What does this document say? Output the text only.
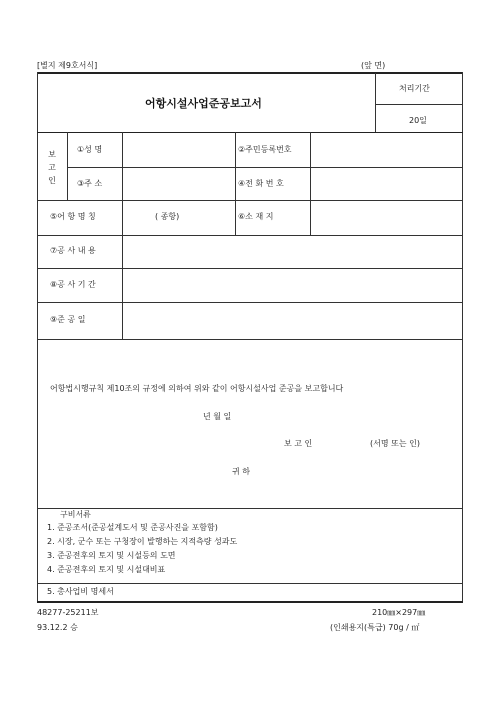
[별지 제9호서식]	(앞 면)
어항시설사업준공보고서
처리기간
20일
보
고
인
①성 명	②주민등록번호
③주 소	④전 화 번 호
⑤어 항 명 칭	( 종항)	⑥소 재 지
⑦공 사 내 용
⑧공 사 기 간
⑨준 공 일
어항법시행규칙 제10조의 규정에 의하여 위와 같이 어항시설사업 준공을 보고합니다
년 월 일
보 고 인	(서명 또는 인)
귀 하
구비서류
1. 준공조서(준공설계도서 및 준공사진을 포함함)
2. 시장, 군수 또는 구청장이 발행하는 지적측량 성과도
3. 준공전후의 토지 및 시설등의 도면
4. 준공전후의 토지 및 시설대비표
5. 총사업비 명세서
48277-25211보
93.12.2 승
210㎜×297㎜
(인쇄용지(특급) 70g / ㎡
